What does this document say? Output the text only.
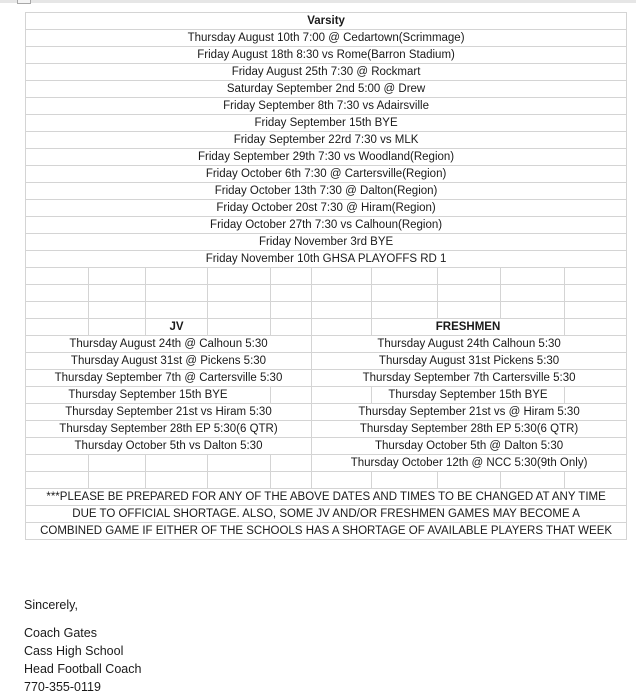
Varsity									
Thursday August 10th 7:00 @ Cedartown(Scrimmage)									
Friday August 18th 8:30 vs Rome(Barron Stadium)									
Friday August 25th 7:30 @ Rockmart									
Saturday September 2nd 5:00 @ Drew									
Friday September 8th 7:30 vs Adairsville									
Friday September 15th BYE									
Friday September 22rd 7:30 vs MLK									
Friday September 29th 7:30 vs Woodland(Region)									
Friday October 6th 7:30 @ Cartersville(Region)									
Friday October 13th 7:30 @ Dalton(Region)									
Friday October 20st 7:30 @ Hiram(Region)									
Friday October 27th 7:30 vs Calhoun(Region)									
Friday November 3rd BYE									
Friday November 10th GHSA PLAYOFFS RD 1									

		JV				FRESHMEN			
Thursday August 24th @ Calhoun 5:30					Thursday August 24th Calhoun 5:30				
Thursday August 31st @ Pickens 5:30					Thursday August 31st Pickens 5:30				
Thursday September 7th @ Cartersville 5:30					Thursday September 7th Cartersville 5:30				
Thursday September 15th BYE						Thursday September 15th BYE			
Thursday September 21st vs Hiram 5:30					Thursday September 21st vs @ Hiram 5:30				
Thursday September 28th EP 5:30(6 QTR)					Thursday September 28th EP 5:30(6 QTR)				
Thursday October 5th vs Dalton 5:30					Thursday October 5th @ Dalton 5:30				
					Thursday October 12th @ NCC 5:30(9th Only)				

***PLEASE BE PREPARED FOR ANY OF THE ABOVE DATES AND TIMES TO BE CHANGED AT ANY TIME									
DUE TO OFFICIAL SHORTAGE. ALSO, SOME JV AND/OR FRESHMEN GAMES MAY BECOME A									
COMBINED GAME IF EITHER OF THE SCHOOLS HAS A SHORTAGE OF AVAILABLE PLAYERS THAT WEEK									
Sincerely,
Coach Gates
Cass High School
Head Football Coach
770-355-0119
